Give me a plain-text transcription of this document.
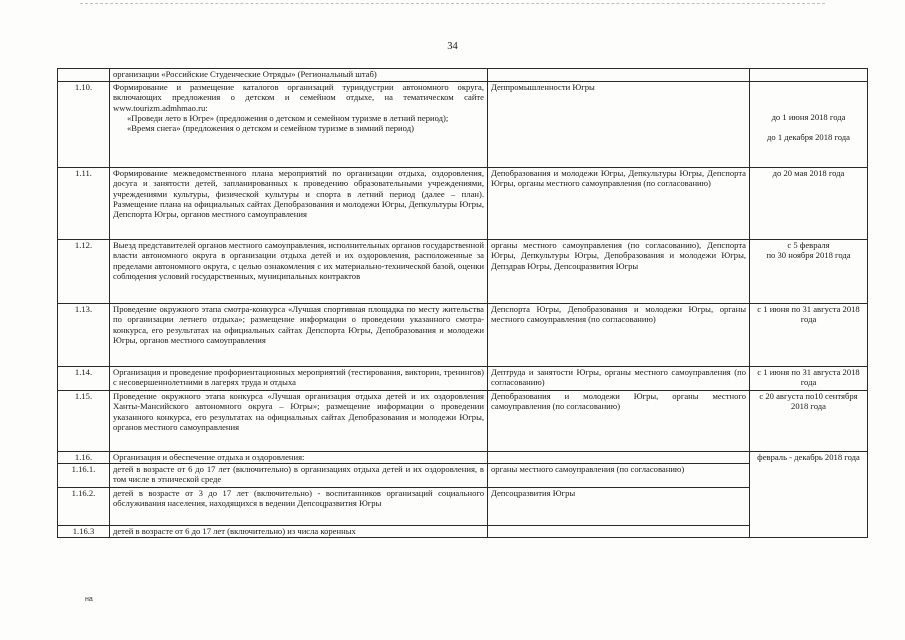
34
	организации «Российские Студенческие Отряды» (Региональный штаб)		
1.10.	Формирование и размещение каталогов организаций туриндустрии автономного округа, включающих предложения о детском и семейном отдыхе, на тематическом сайте www.tourizm.admhmao.ru:
«Проведи лето в Югре» (предложения о детском и семейном туризме в летний период);
«Время снега» (предложения о детском и семейном туризме в зимний период)	Деппромышленности Югры	до 1 июня 2018 года
до 1 декабря 2018 года

1.11.	Формирование межведомственного плана мероприятий по организации отдыха, оздоровления, досуга и занятости детей, запланированных к проведению образовательными учреждениями, учреждениями культуры, физической культуры и спорта в летний период (далее – план). Размещение плана на официальных сайтах Депобразования и молодежи Югры, Депкультуры Югры, Депспорта Югры, органов местного самоуправления	Депобразования и молодежи Югры, Депкультуры Югры, Депспорта Югры, органы местного самоуправления (по согласованию)	до 20 мая 2018 года
1.12.	Выезд представителей органов местного самоуправления, исполнительных органов государственной власти автономного округа в организации отдыха детей и их оздоровления, расположенные за пределами автономного округа, с целью ознакомления с их материально-технической базой, оценки соблюдения условий государственных, муниципальных контрактов	органы местного самоуправления (по согласованию), Депспорта Югры, Депкультуры Югры, Депобразования и молодежи Югры, Депздрав Югры, Депсоцразвития Югры	с 5 февраля
по 30 ноября 2018 года

1.13.	Проведение окружного этапа смотра-конкурса «Лучшая спортивная площадка по месту жительства по организации летнего отдыха»; размещение информации о проведении указанного смотра-конкурса, его результатах на официальных сайтах Депспорта Югры, Депобразования и молодежи Югры, органов местного самоуправления	Депспорта Югры, Депобразования и молодежи Югры, органы местного самоуправления (по согласованию)	с 1 июня по 31 августа 2018 года
1.14.	Организация и проведение профориентационных мероприятий (тестирования, викторин, тренингов) с несовершеннолетними в лагерях труда и отдыха	Дептруда и занятости Югры, органы местного самоуправления (по согласованию)	с 1 июня по 31 августа 2018 года
1.15.	Проведение окружного этапа конкурса «Лучшая организация отдыха детей и их оздоровления Ханты-Мансийского автономного округа – Югры»; размещение информации о проведении указанного конкурса, его результатах на официальных сайтах Депобразования и молодежи Югры, органов местного самоуправления	Депобразования и молодежи Югры, органы местного самоуправления (по согласованию)	с 20 августа по10 сентября 2018 года
1.16.	Организация и обеспечение отдыха и оздоровления:		февраль - декабрь 2018 года
1.16.1.	детей в возрасте от 6 до 17 лет (включительно) в организациях отдыха детей и их оздоровления, в том числе в этнической среде	органы местного самоуправления (по согласованию)	
1.16.2.	детей в возрасте от 3 до 17 лет (включительно) - воспитанников организаций социального обслуживания населения, находящихся в ведении Депсоцразвития Югры	Депсоцразвития Югры	
1.16.3	детей в возрасте от 6 до 17 лет (включительно) из числа коренных		
на
